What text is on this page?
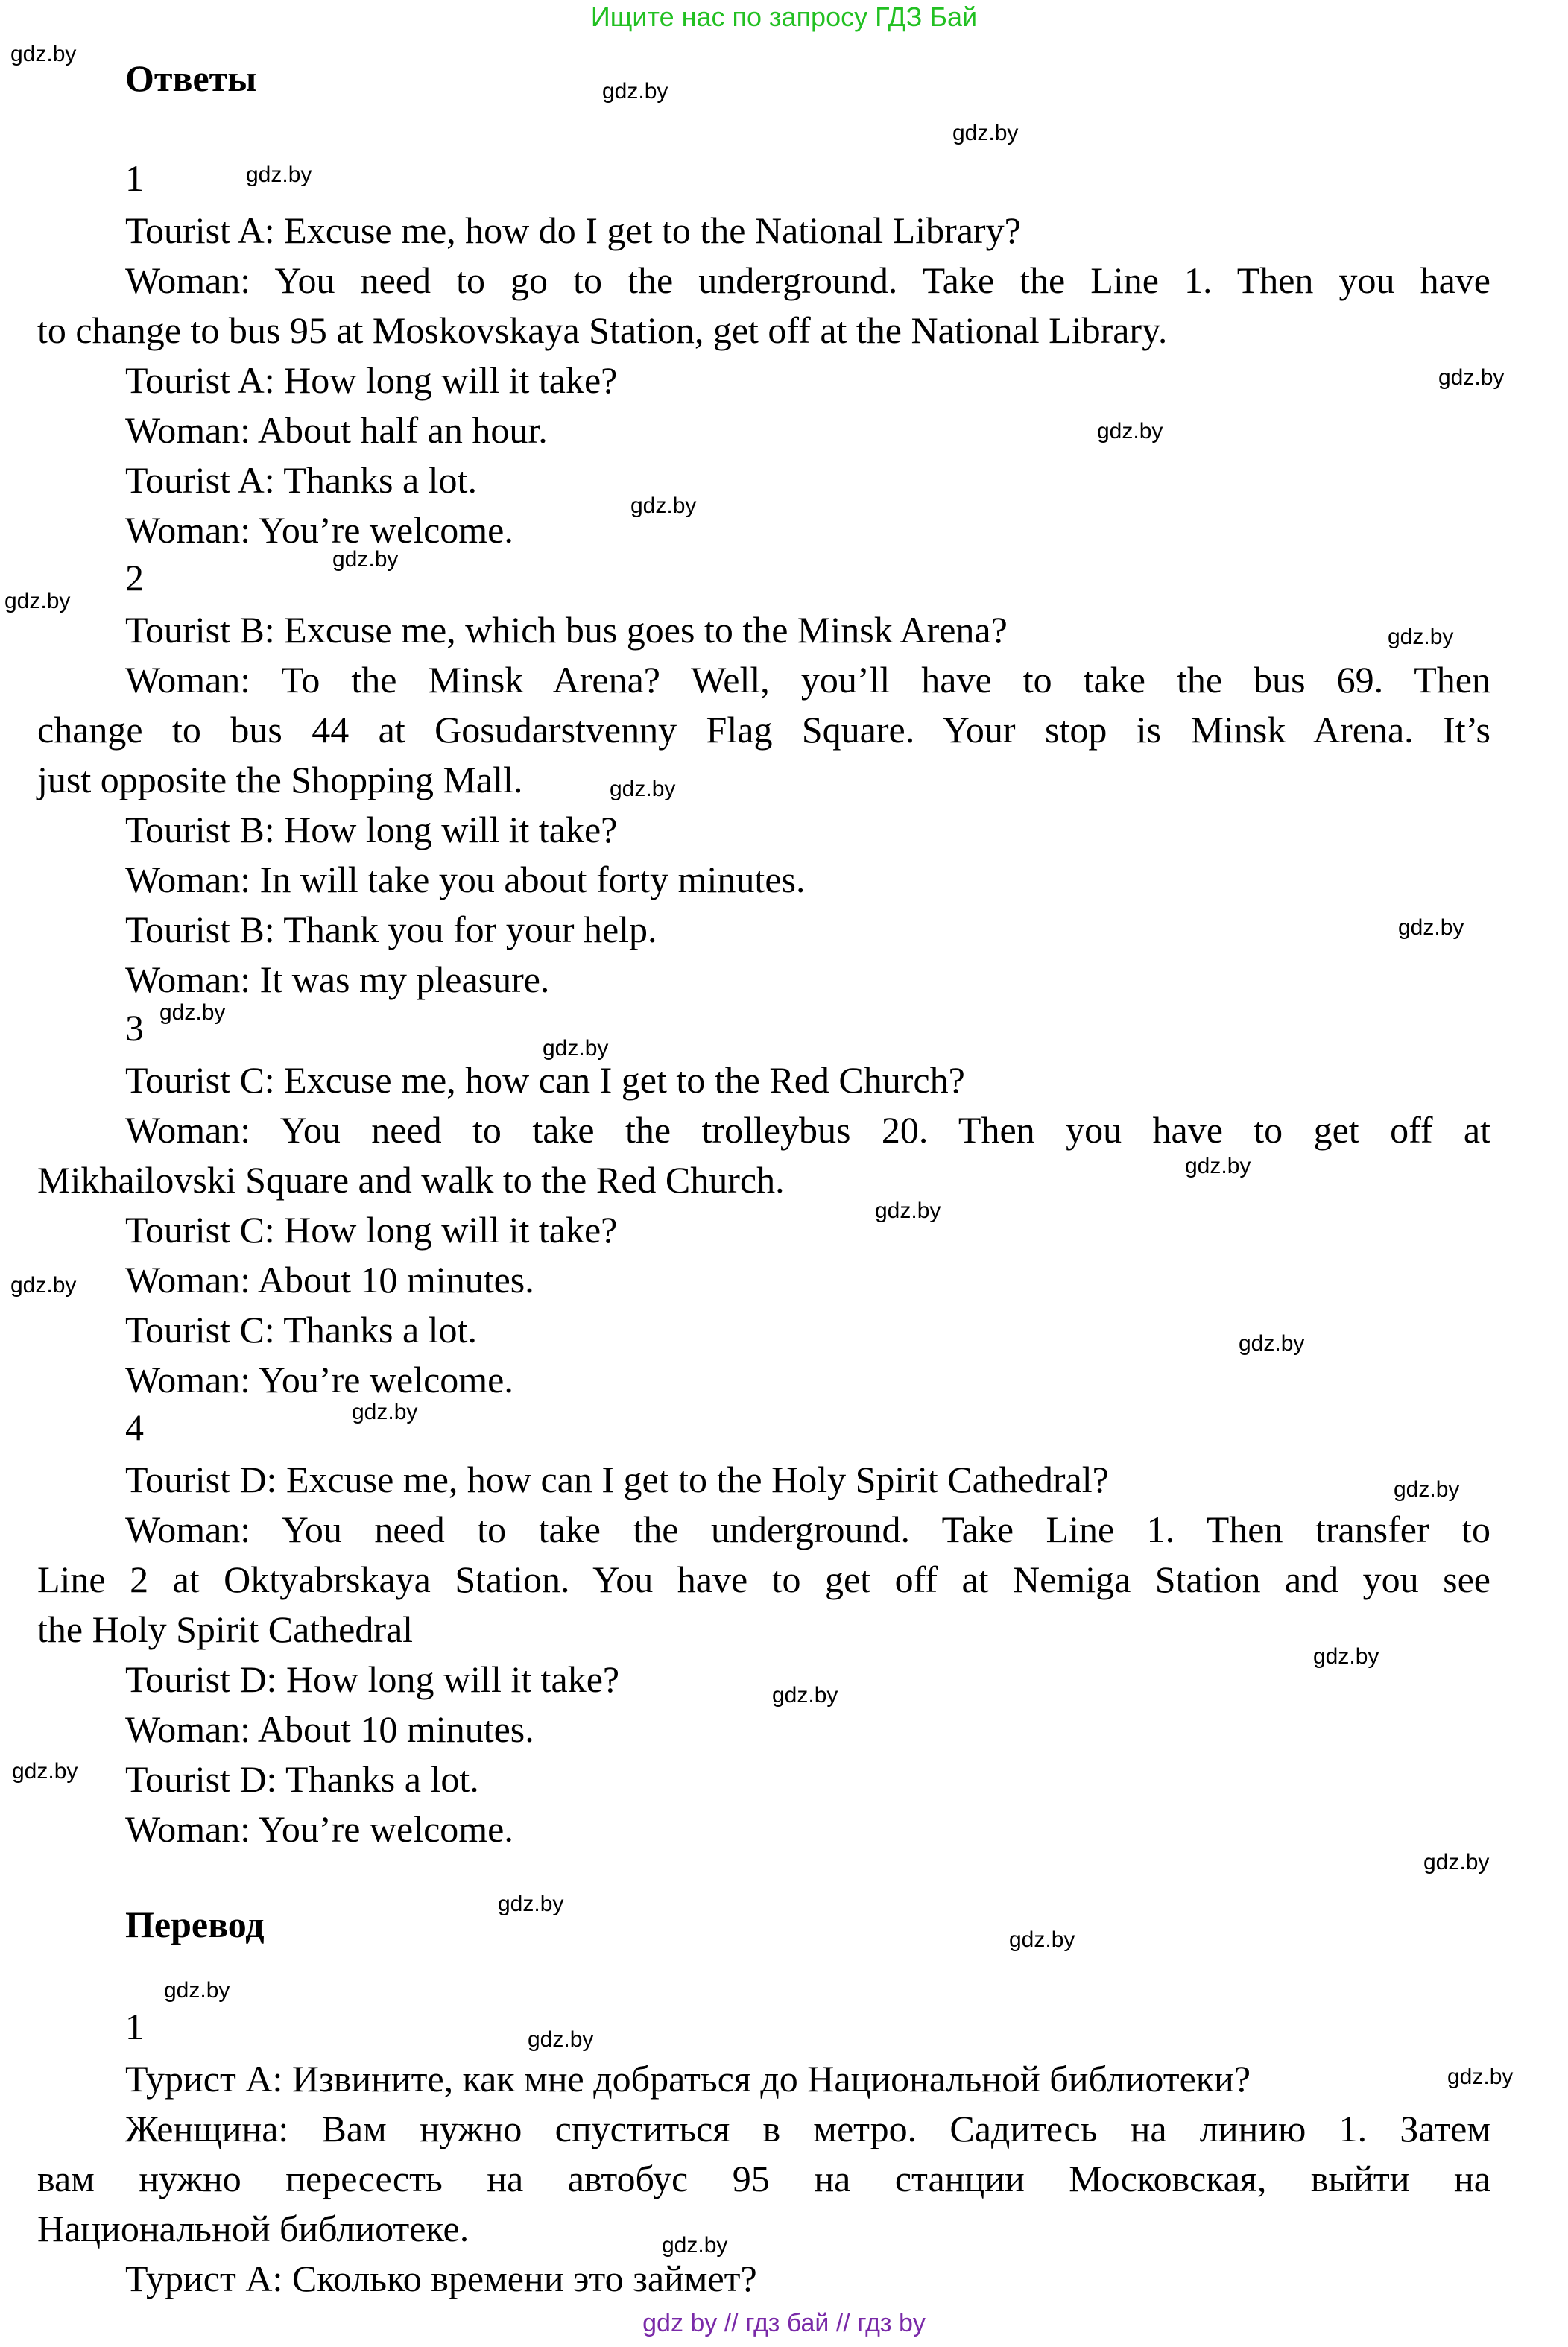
Ищите нас по запросу ГДЗ Бай
Ответы
1
Tourist A: Excuse me, how do I get to the National Library?
Woman: You need to go to the underground. Take the Line 1. Then you have
to change to bus 95 at Moskovskaya Station, get off at the National Library.
Tourist A: How long will it take?
Woman: About half an hour.
Tourist A: Thanks a lot.
Woman: You’re welcome.
2
Tourist B: Excuse me, which bus goes to the Minsk Arena?
Woman: To the Minsk Arena? Well, you’ll have to take the bus 69. Then
change to bus 44 at Gosudarstvenny Flag Square. Your stop is Minsk Arena. It’s
just opposite the Shopping Mall.
Tourist B: How long will it take?
Woman: In will take you about forty minutes.
Tourist B: Thank you for your help.
Woman: It was my pleasure.
3
Tourist C: Excuse me, how can I get to the Red Church?
Woman: You need to take the trolleybus 20. Then you have to get off at
Mikhailovski Square and walk to the Red Church.
Tourist C: How long will it take?
Woman: About 10 minutes.
Tourist C: Thanks a lot.
Woman: You’re welcome.
4
Tourist D: Excuse me, how can I get to the Holy Spirit Cathedral?
Woman: You need to take the underground. Take Line 1. Then transfer to
Line 2 at Oktyabrskaya Station. You have to get off at Nemiga Station and you see
the Holy Spirit Cathedral
Tourist D: How long will it take?
Woman: About 10 minutes.
Tourist D: Thanks a lot.
Woman: You’re welcome.
Перевод
1
Турист А: Извините, как мне добраться до Национальной библиотеки?
Женщина: Вам нужно спуститься в метро. Садитесь на линию 1. Затем
вам нужно пересесть на автобус 95 на станции Московская, выйти на
Национальной библиотеке.
Турист А: Сколько времени это займет?
gdz.by
gdz.by
gdz.by
gdz.by
gdz.by
gdz.by
gdz.by
gdz.by
gdz.by
gdz.by
gdz.by
gdz.by
gdz.by
gdz.by
gdz.by
gdz.by
gdz.by
gdz.by
gdz.by
gdz.by
gdz.by
gdz.by
gdz.by
gdz.by
gdz.by
gdz.by
gdz.by
gdz.by
gdz.by
gdz.by
gdz by // гдз бай // гдз by
